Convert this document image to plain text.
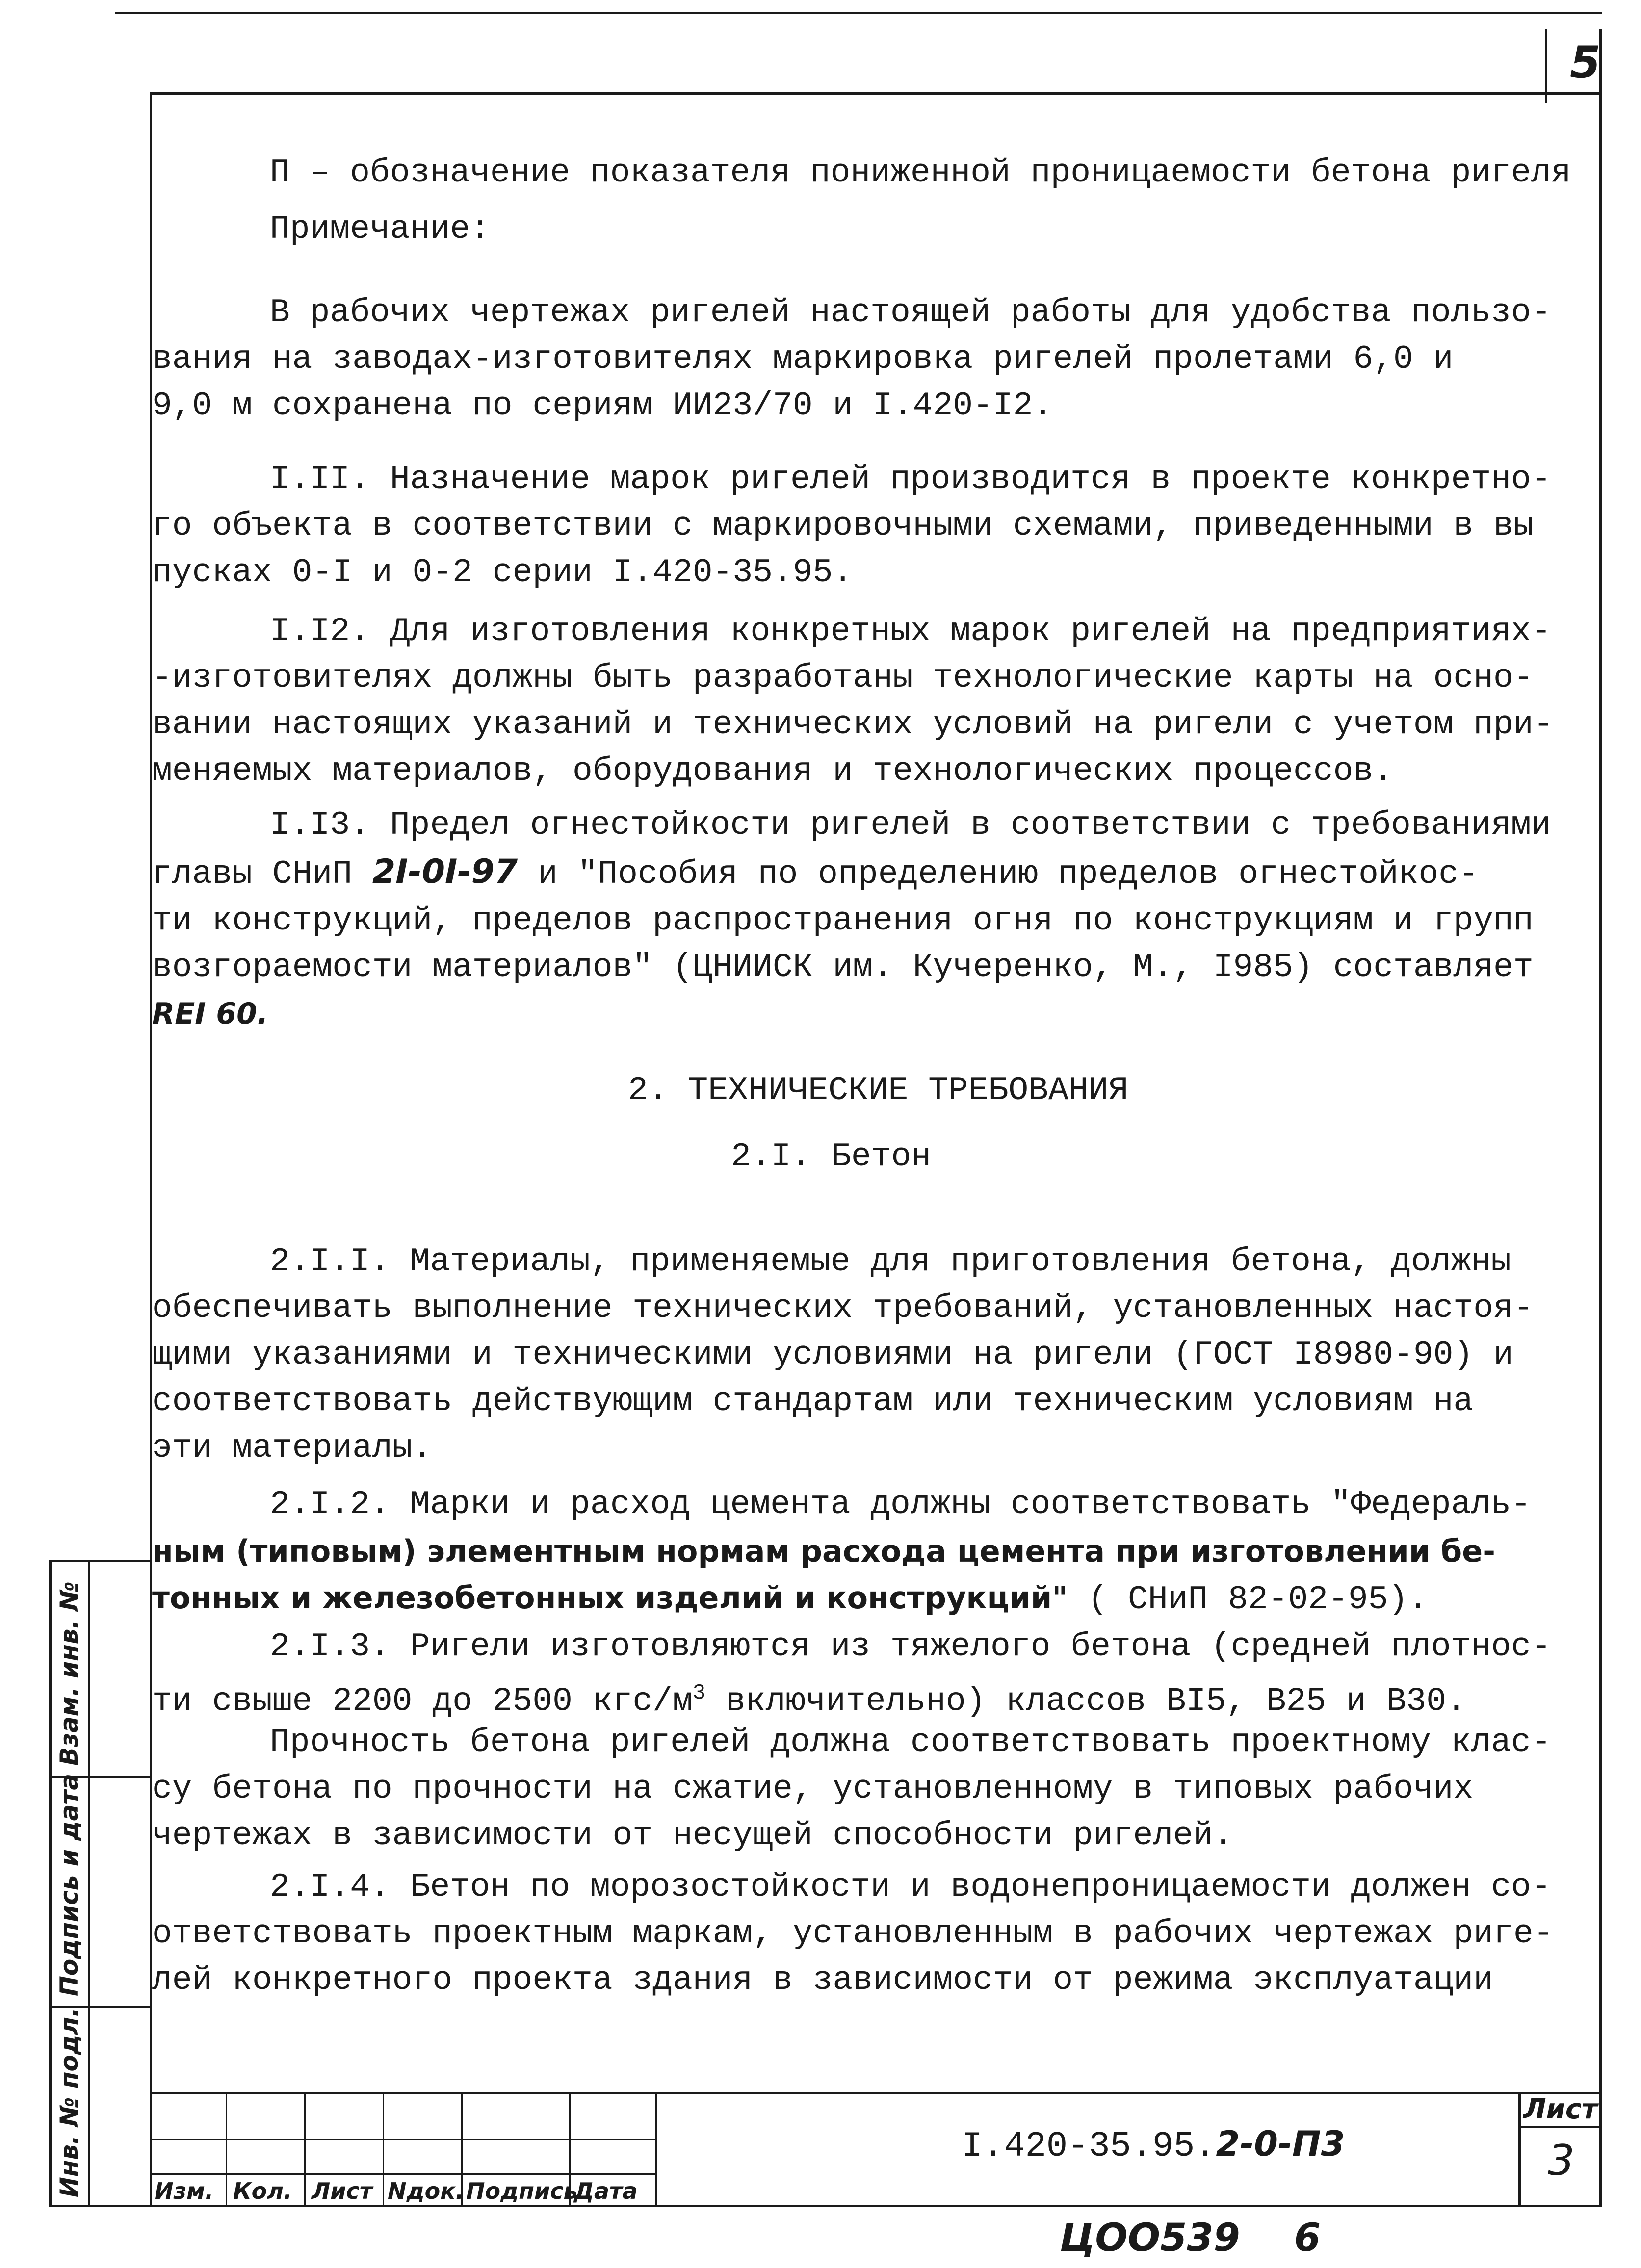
5

П – обозначение показателя пониженной проницаемости бетона ригеля

Примечание:

В рабочих чертежах ригелей настоящей работы для удобства пользо-

вания на заводах-изготовителях маркировка ригелей пролетами 6,0 и

9,0 м сохранена по сериям ИИ23/70 и I.420-I2.

I.II. Назначение марок ригелей производится в проекте конкретно-

го объекта в соответствии с маркировочными схемами, приведенными в вы

пусках 0-I и 0-2 серии I.420-35.95.

I.I2. Для изготовления конкретных марок ригелей на предприятиях-

-изготовителях должны быть разработаны технологические карты на осно-

вании настоящих указаний и технических условий на ригели с учетом при-

меняемых материалов, оборудования и технологических процессов.

I.I3. Предел огнестойкости ригелей в соответствии с требованиями

главы СНиП 2I-0I-97 и "Пособия по определению пределов огнестойкос-

ти конструкций, пределов распространения огня по конструкциям и групп

возгораемости материалов" (ЦНИИСК им. Кучеренко, М., I985) составляет

REI 60.

2. ТЕХНИЧЕСКИЕ ТРЕБОВАНИЯ
2.I. Бетон

2.I.I. Материалы, применяемые для приготовления бетона, должны

обеспечивать выполнение технических требований, установленных настоя-

щими указаниями и техническими условиями на ригели (ГОСТ I8980-90) и

соответствовать действующим стандартам или техническим условиям на

эти материалы.

2.I.2. Марки и расход цемента должны соответствовать "Федераль-

ным (типовым) элементным нормам расхода цемента при изготовлении бе-

тонных и железобетонных изделий и конструкций" ( СНиП 82-02-95).

2.I.3. Ригели изготовляются из тяжелого бетона (средней плотнос-

ти свыше 2200 до 2500 кгс/$м^3$ включительно) классов BI5, B25 и B30.

Прочность бетона ригелей должна соответствовать проектному клас-

су бетона по прочности на сжатие, установленному в типовых рабочих

чертежах в зависимости от несущей способности ригелей.

2.I.4. Бетон по морозостойкости и водонепроницаемости должен со-

ответствовать проектным маркам, установленным в рабочих чертежах риге-

лей конкретного проекта здания в зависимости от режима эксплуатации

Изм. Кол. Лист Nдок. Подпись
Дата
I.420-35.95.2-0-П3
Лист
3
Взам. инв. №
Подпись и дата
Инв. № подл.
ЦОО539 6
